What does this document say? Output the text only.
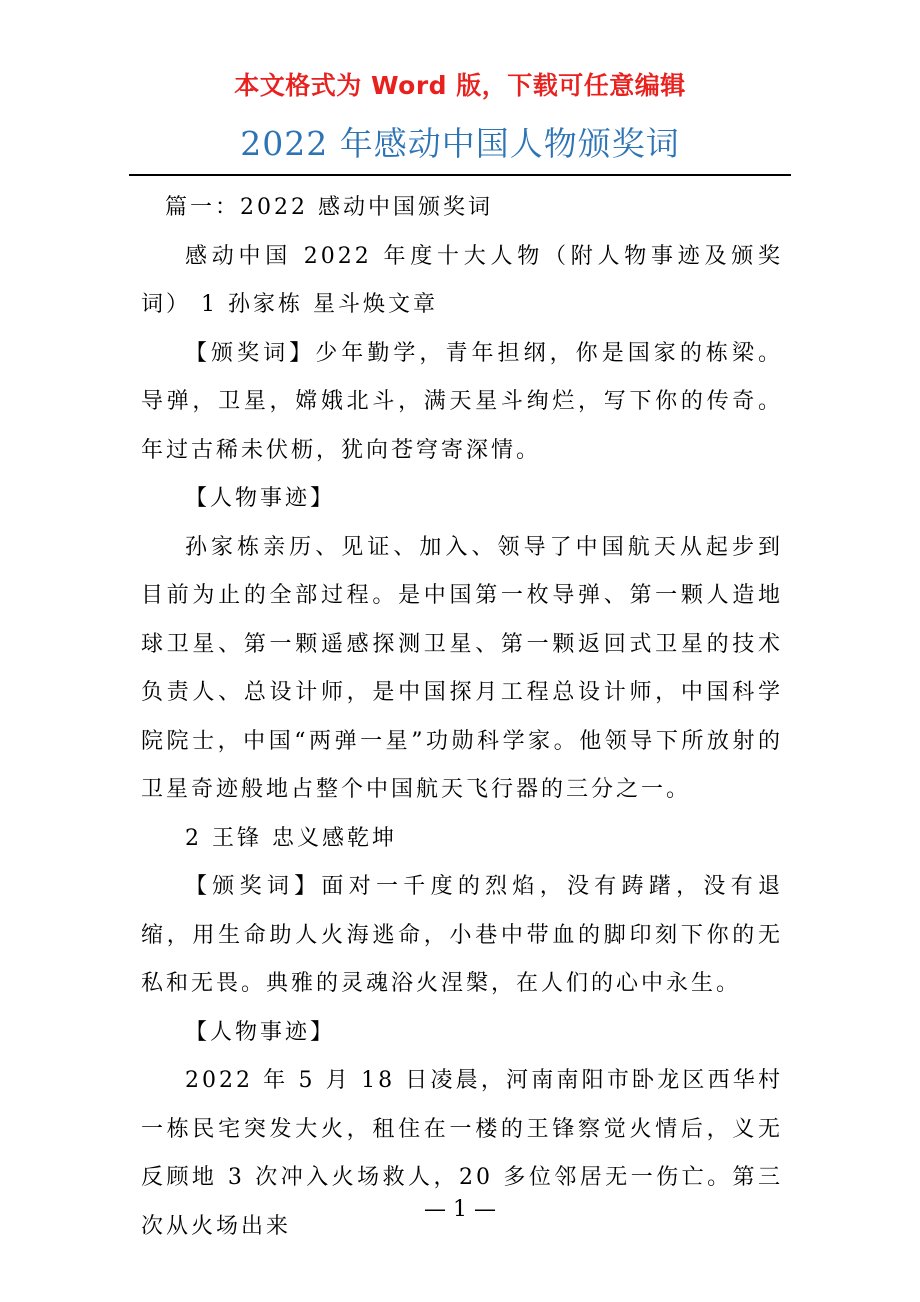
本文格式为 Word 版，下载可任意编辑
2022 年感动中国人物颁奖词

篇一：2022 感动中国颁奖词

感动中国 2022 年度十大人物（附人物事迹及颁奖词） 1 孙家栋 星斗焕文章

【颁奖词】少年勤学，青年担纲，你是国家的栋梁。导弹，卫星，嫦娥北斗，满天星斗绚烂，写下你的传奇。年过古稀未伏枥，犹向苍穹寄深情。

【人物事迹】

孙家栋亲历、见证、加入、领导了中国航天从起步到目前为止的全部过程。是中国第一枚导弹、第一颗人造地球卫星、第一颗遥感探测卫星、第一颗返回式卫星的技术负责人、总设计师，是中国探月工程总设计师，中国科学院院士，中国“两弹一星”功勋科学家。他领导下所放射的卫星奇迹般地占整个中国航天飞行器的三分之一。

2 王锋 忠义感乾坤

【颁奖词】面对一千度的烈焰，没有踌躇，没有退缩，用生命助人火海逃命，小巷中带血的脚印刻下你的无私和无畏。典雅的灵魂浴火涅槃，在人们的心中永生。

【人物事迹】

2022 年 5 月 18 日凌晨，河南南阳市卧龙区西华村一栋民宅突发大火，租住在一楼的王锋察觉火情后，义无反顾地 3 次冲入火场救人，20 多位邻居无一伤亡。第三次从火场出来

— 1 —
